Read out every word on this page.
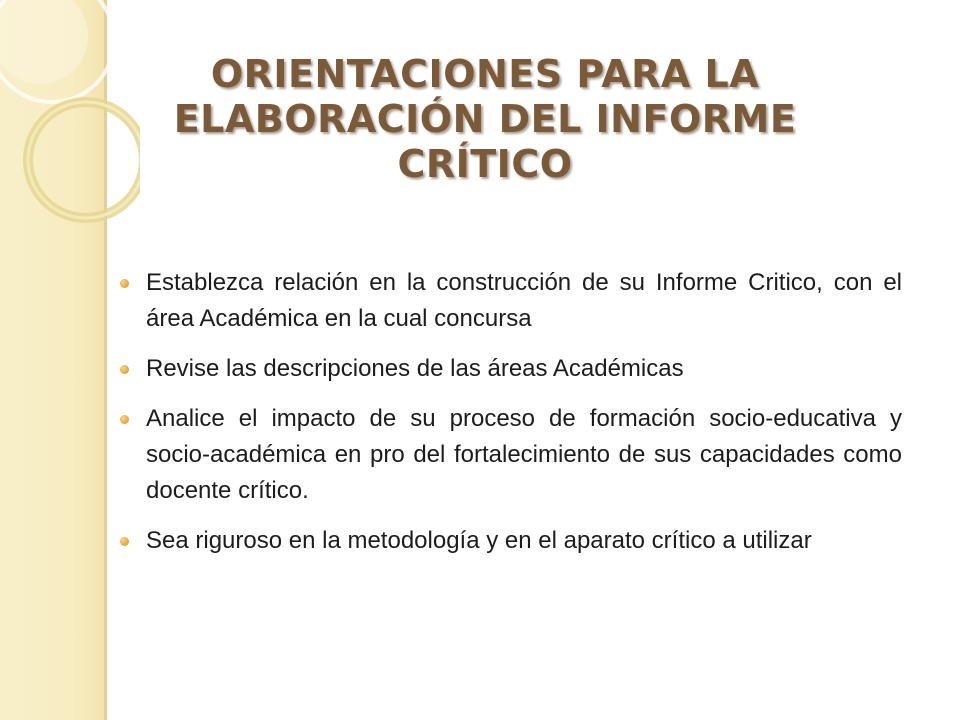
ORIENTACIONES PARA LA
ELABORACIÓN DEL INFORME
CRÍTICO
Establezca relación en la construcción de su Informe Critico, con el área Académica en la cual concursa
Revise las descripciones de las áreas Académicas
Analice el impacto de su proceso de formación socio-educativa y socio-académica en pro del fortalecimiento de sus capacidades como docente crítico.
Sea riguroso en la metodología y en el aparato crítico a utilizar
